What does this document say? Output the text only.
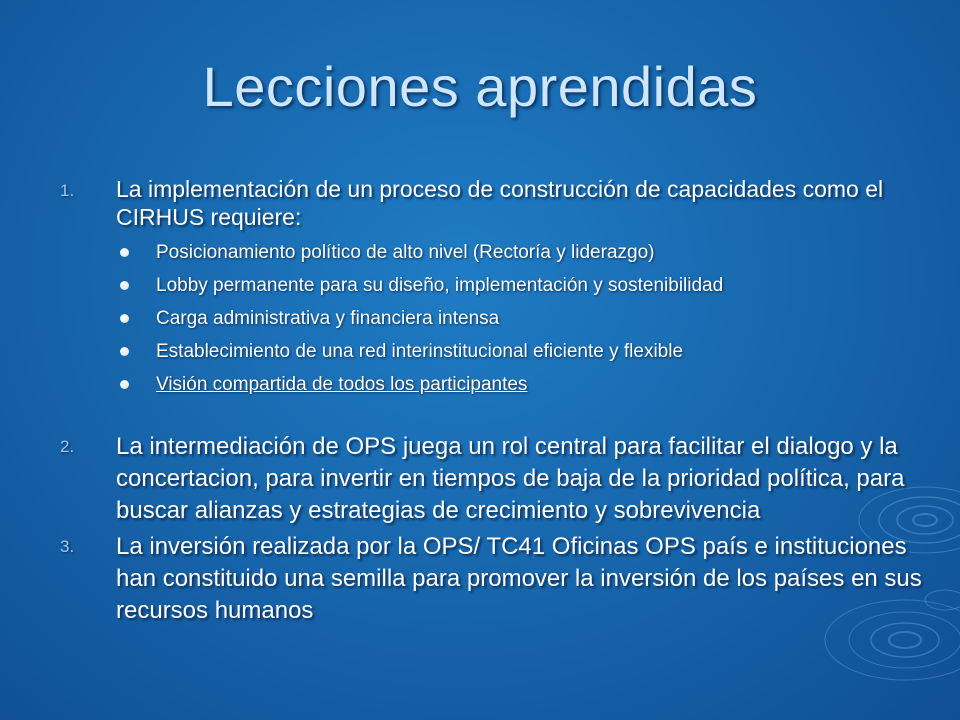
Lecciones aprendidas
1.	La implementación de un proceso de construcción de capacidades como el CIRHUS requiere:
Posicionamiento político de alto nivel (Rectoría y liderazgo)
Lobby permanente para su diseño, implementación y sostenibilidad
Carga administrativa y financiera intensa
Establecimiento de una red interinstitucional eficiente y flexible
Visión compartida de todos los participantes
2.	La intermediación de OPS juega un rol central para facilitar el dialogo y la concertacion, para invertir en tiempos de baja de la prioridad política, para buscar alianzas y estrategias de crecimiento y sobrevivencia
3.	La inversión realizada por la OPS/ TC41 Oficinas OPS país e instituciones han constituido una semilla para promover la inversión de los países en sus recursos humanos
